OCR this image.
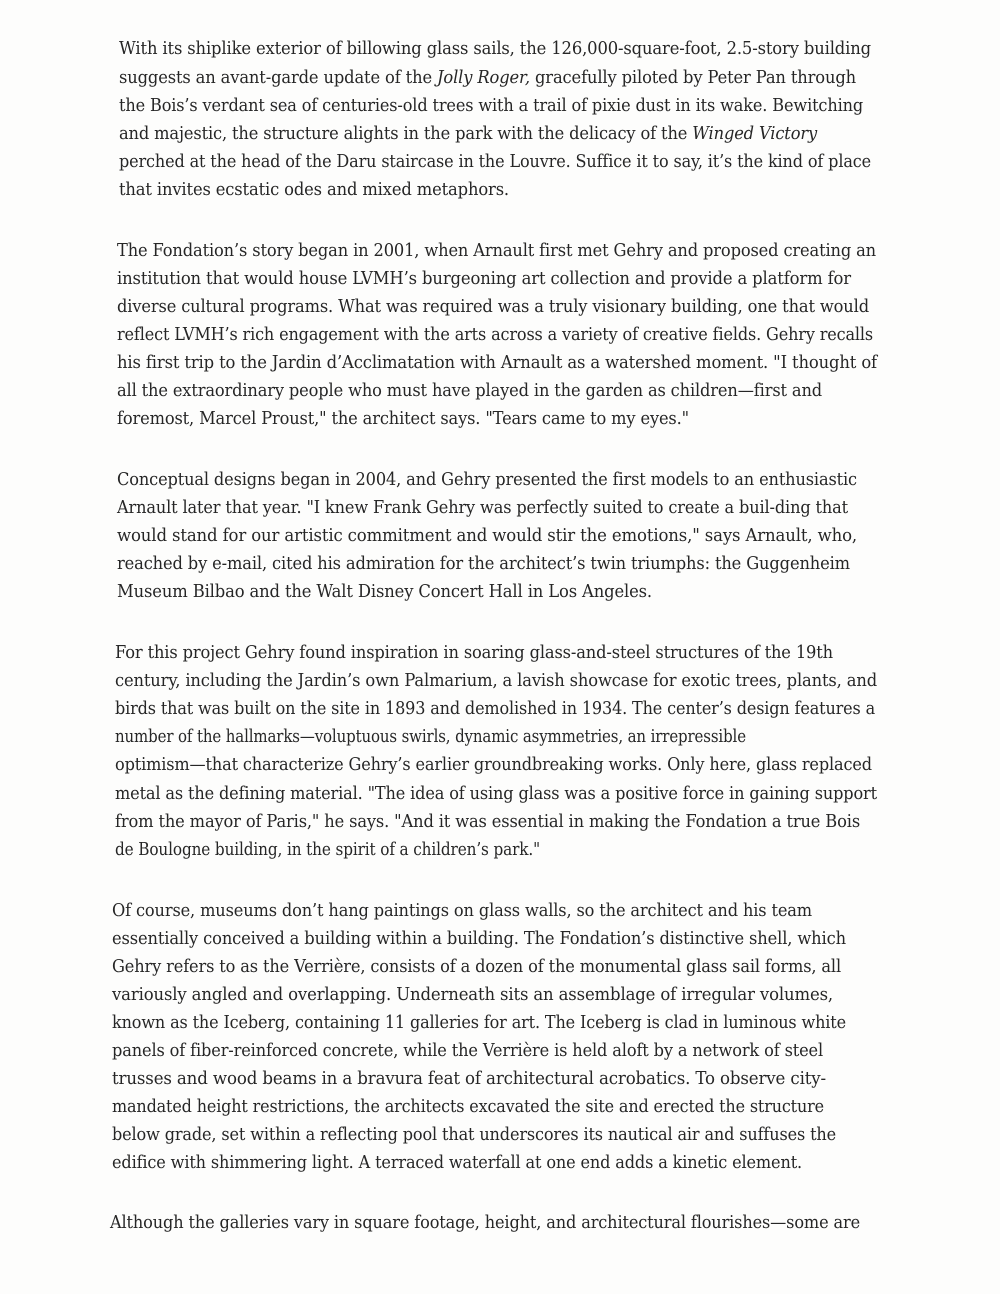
With its shiplike exterior of billowing glass sails, the 126,000-square-foot, 2.5-story building
suggests an avant-garde update of the Jolly Roger, gracefully piloted by Peter Pan through
the Bois’s verdant sea of centuries-old trees with a trail of pixie dust in its wake. Bewitching
and majestic, the structure alights in the park with the delicacy of the Winged Victory
perched at the head of the Daru staircase in the Louvre. Suffice it to say, it’s the kind of place
that invites ecstatic odes and mixed metaphors.
The Fondation’s story began in 2001, when Arnault first met Gehry and proposed creating an
institution that would house LVMH’s burgeoning art collection and provide a platform for
diverse cultural programs. What was required was a truly visionary building, one that would
reflect LVMH’s rich engagement with the arts across a variety of creative fields. Gehry recalls
his first trip to the Jardin d’Acclimatation with Arnault as a watershed moment. "I thought of
all the extraordinary people who must have played in the garden as children—first and
foremost, Marcel Proust," the architect says. "Tears came to my eyes."
Conceptual designs began in 2004, and Gehry presented the first models to an enthusiastic
Arnault later that year. "I knew Frank Gehry was perfectly suited to create a buil-ding that
would stand for our artistic commitment and would stir the emotions," says Arnault, who,
reached by e-mail, cited his admiration for the architect’s twin triumphs: the Guggenheim
Museum Bilbao and the Walt Disney Concert Hall in Los Angeles.
For this project Gehry found inspiration in soaring glass-and-steel structures of the 19th
century, including the Jardin’s own Palmarium, a lavish showcase for exotic trees, plants, and
birds that was built on the site in 1893 and demolished in 1934. The center’s design features a
number of the hallmarks—voluptuous swirls, dynamic asymmetries, an irrepressible
optimism—that characterize Gehry’s earlier groundbreaking works. Only here, glass replaced
metal as the defining material. "The idea of using glass was a positive force in gaining support
from the mayor of Paris," he says. "And it was essential in making the Fondation a true Bois
de Boulogne building, in the spirit of a children’s park."
Of course, museums don’t hang paintings on glass walls, so the architect and his team
essentially conceived a building within a building. The Fondation’s distinctive shell, which
Gehry refers to as the Verrière, consists of a dozen of the monumental glass sail forms, all
variously angled and overlapping. Underneath sits an assemblage of irregular volumes,
known as the Iceberg, containing 11 galleries for art. The Iceberg is clad in luminous white
panels of fiber-reinforced concrete, while the Verrière is held aloft by a network of steel
trusses and wood beams in a bravura feat of architectural acrobatics. To observe city-
mandated height restrictions, the architects excavated the site and erected the structure
below grade, set within a reflecting pool that underscores its nautical air and suffuses the
edifice with shimmering light. A terraced waterfall at one end adds a kinetic element.
Although the galleries vary in square footage, height, and architectural flourishes—some are
